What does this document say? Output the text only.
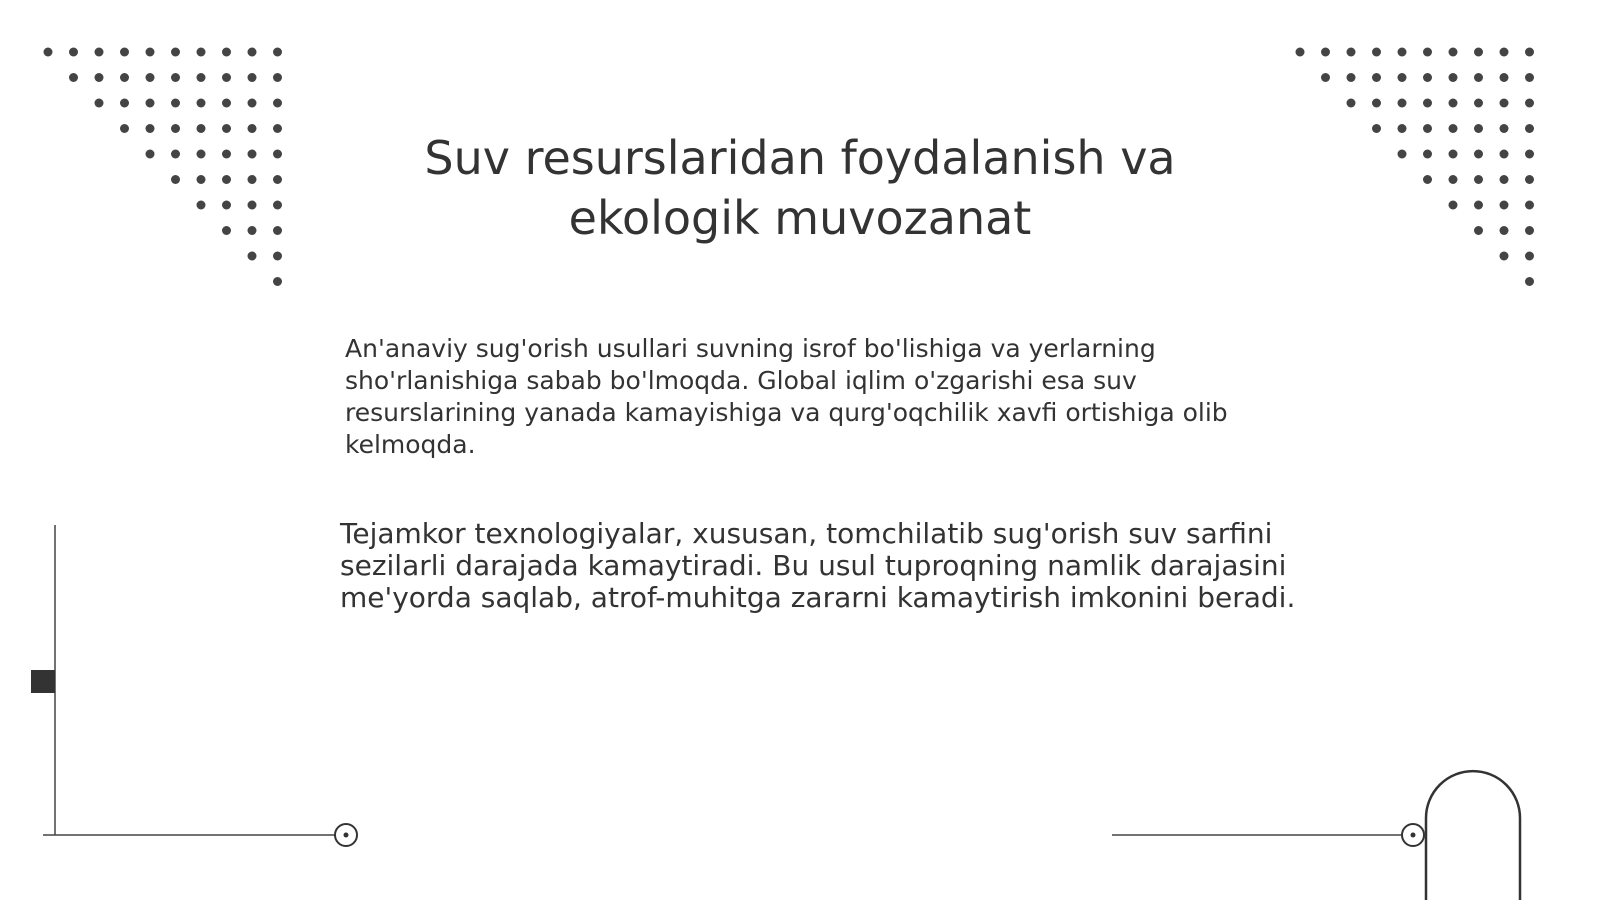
Suv resurslaridan foydalanish va ekologik muvozanat

An'anaviy sug'orish usullari suvning isrof bo'lishiga va yerlarning sho'rlanishiga sabab bo'lmoqda. Global iqlim o'zgarishi esa suv resurslarining yanada kamayishiga va qurg'oqchilik xavfi ortishiga olib kelmoqda.

Tejamkor texnologiyalar, xususan, tomchilatib sug'orish suv sarfini sezilarli darajada kamaytiradi. Bu usul tuproqning namlik darajasini me'yorda saqlab, atrof-muhitga zararni kamaytirish imkonini beradi.
